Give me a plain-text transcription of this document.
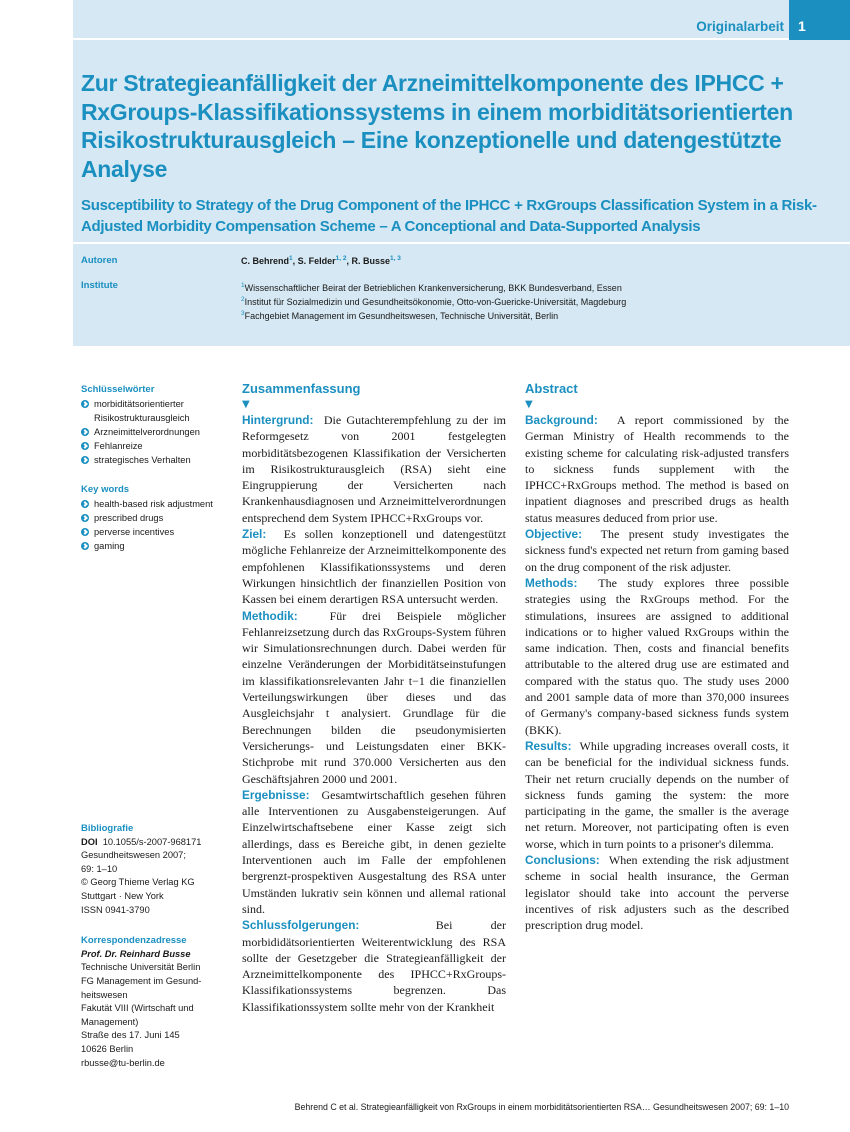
Originalarbeit	1
Zur Strategieanfälligkeit der Arzneimittelkomponente des IPHCC + RxGroups-Klassifikationssystems in einem morbiditätsorientierten Risikostrukturausgleich – Eine konzeptionelle und datengestützte Analyse
Susceptibility to Strategy of the Drug Component of the IPHCC + RxGroups Classification System in a Risk-Adjusted Morbidity Compensation Scheme – A Conceptional and Data-Supported Analysis
Autoren	C. Behrend$^1$, S. Felder$^{1, 2}$, R. Busse$^{1, 3}$
Institute	$^1$Wissenschaftlicher Beirat der Betrieblichen Krankenversicherung, BKK Bundesverband, Essen
$^2$Institut für Sozialmedizin und Gesundheitsökonomie, Otto-von-Guericke-Universität, Magdeburg
$^3$Fachgebiet Management im Gesundheitswesen, Technische Universität, Berlin
Schlüsselwörter
morbiditätsorientierter Risikostrukturausgleich
Arzneimittelverordnungen
Fehlanreize
strategisches Verhalten
Key words
health-based risk adjustment
prescribed drugs
perverse incentives
gaming
Bibliografie
DOI 10.1055/s-2007-968171
Gesundheitswesen 2007;
69: 1–10
© Georg Thieme Verlag KG
Stuttgart · New York
ISSN 0941-3790
Korrespondenzadresse
Prof. Dr. Reinhard Busse
Technische Universität Berlin
FG Management im Gesund-
heitswesen
Fakutät VIII (Wirtschaft und
Management)
Straße des 17. Juni 145
10626 Berlin
rbusse@tu-berlin.de
Zusammenfassung
▼
Hintergrund: Die Gutachterempfehlung zu der im Reformgesetz von 2001 festgelegten morbiditätsbezogenen Klassifikation der Versicherten im Risikostrukturausgleich (RSA) sieht eine Eingruppierung der Versicherten nach Krankenhausdiagnosen und Arzneimittelverordnungen entsprechend dem System IPHCC+RxGroups vor.
Ziel: Es sollen konzeptionell und datengestützt mögliche Fehlanreize der Arzneimittelkomponente des empfohlenen Klassifikationssystems und deren Wirkungen hinsichtlich der finanziellen Position von Kassen bei einem derartigen RSA untersucht werden.
Methodik:	Für drei Beispiele möglicher Fehlanreizsetzung durch das RxGroups-System führen wir Simulationsrechnungen durch. Dabei werden für einzelne Veränderungen der Morbiditätseinstufungen im klassifikationsrelevanten Jahr t−1 die finanziellen Verteilungswirkungen über dieses und das Ausgleichsjahr t analysiert. Grundlage für die Berechnungen bilden die pseudonymisierten Versicherungs- und Leistungsdaten einer BKK-Stichprobe mit rund 370.000 Versicherten aus den Geschäftsjahren 2000 und 2001.
Ergebnisse: Gesamtwirtschaftlich gesehen führen alle Interventionen zu Ausgabensteigerungen. Auf Einzelwirtschaftsebene einer Kasse zeigt sich allerdings, dass es Bereiche gibt, in denen gezielte Interventionen auch im Falle der empfohlenen bergrenzt-prospektiven Ausgestaltung des RSA unter Umständen lukrativ sein können und allemal rational sind.
Schlussfolgerungen:	Bei der morbididätsorientierten Weiterentwicklung des RSA sollte der Gesetzgeber die Strategieanfälligkeit der Arzneimittelkomponente des IPHCC+RxGroups-Klassifikationssystems begrenzen. Das Klassifikationssystem sollte mehr von der Krankheit
Abstract
▼
Background: A report commissioned by the German Ministry of Health recommends to the existing scheme for calculating risk-adjusted transfers to sickness funds supplement with the IPHCC+RxGroups method. The method is based on inpatient diagnoses and prescribed drugs as health status measures deduced from prior use.
Objective: The present study investigates the sickness fund's expected net return from gaming based on the drug component of the risk adjuster.
Methods: The study explores three possible strategies using the RxGroups method. For the stimulations, insurees are assigned to additional indications or to higher valued RxGroups within the same indication. Then, costs and financial benefits attributable to the altered drug use are estimated and compared with the status quo. The study uses 2000 and 2001 sample data of more than 370,000 insurees of Germany's company-based sickness funds system (BKK).
Results: While upgrading increases overall costs, it can be beneficial for the individual sickness funds. Their net return crucially depends on the number of sickness funds gaming the system: the more participating in the game, the smaller is the average net return. Moreover, not participating often is even worse, which in turn points to a prisoner's dilemma.
Conclusions: When extending the risk adjustment scheme in social health insurance, the German legislator should take into account the perverse incentives of risk adjusters such as the described prescription drug model.
Behrend C et al. Strategieanfälligkeit von RxGroups in einem morbiditätsorientierten RSA… Gesundheitswesen 2007; 69: 1–10
